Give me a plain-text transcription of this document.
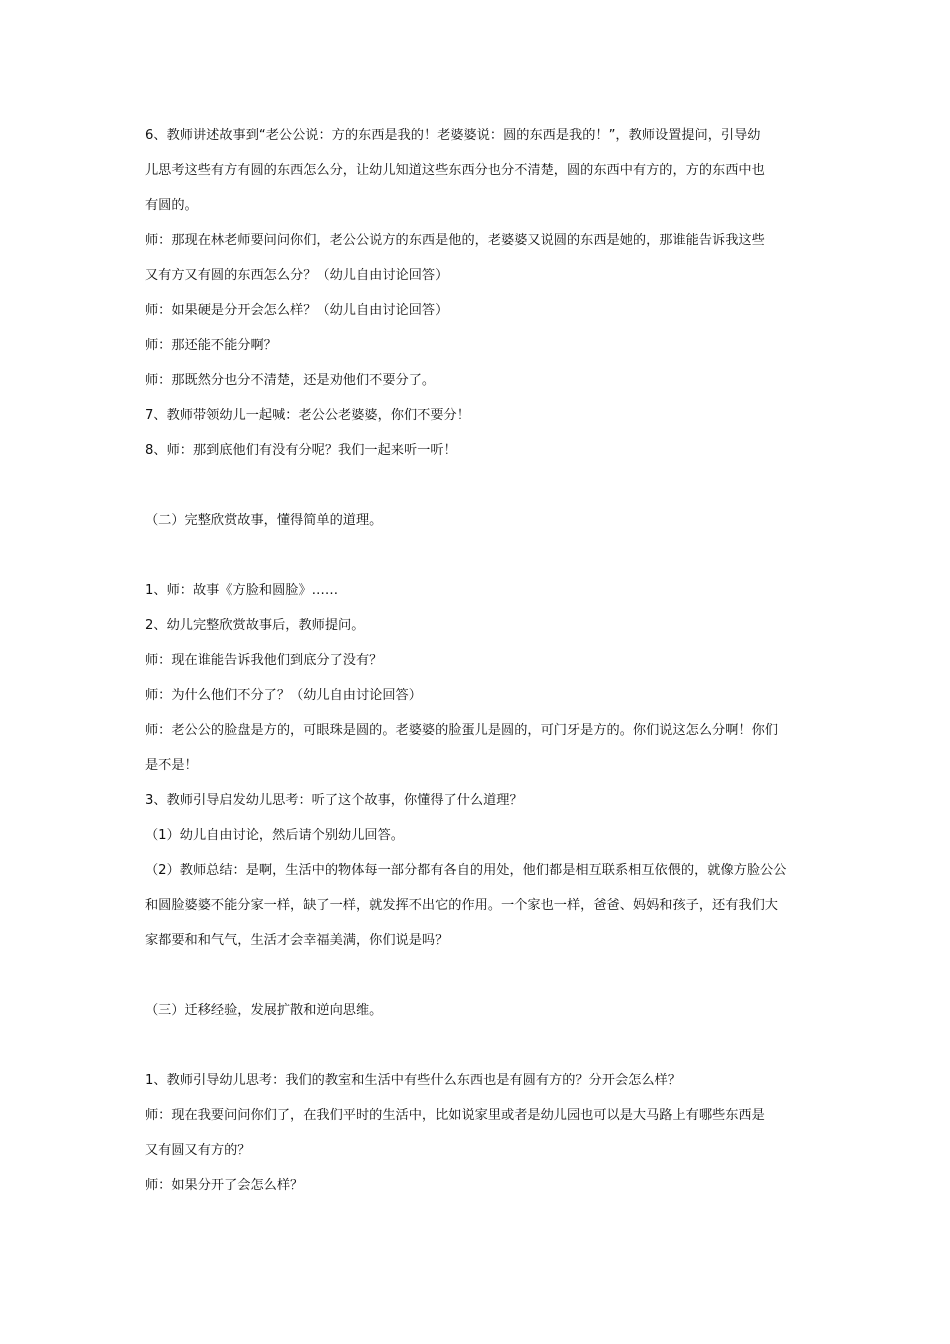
6、教师讲述故事到“老公公说：方的东西是我的！老婆婆说：圆的东西是我的！”，教师设置提问，引导幼
儿思考这些有方有圆的东西怎么分，让幼儿知道这些东西分也分不清楚，圆的东西中有方的，方的东西中也
有圆的。
师：那现在林老师要问问你们，老公公说方的东西是他的，老婆婆又说圆的东西是她的，那谁能告诉我这些
又有方又有圆的东西怎么分？（幼儿自由讨论回答）
师：如果硬是分开会怎么样？（幼儿自由讨论回答）
师：那还能不能分啊？
师：那既然分也分不清楚，还是劝他们不要分了。
7、教师带领幼儿一起喊：老公公老婆婆，你们不要分！
8、师：那到底他们有没有分呢？我们一起来听一听！
（二）完整欣赏故事，懂得简单的道理。
1、师：故事《方脸和圆脸》……
2、幼儿完整欣赏故事后，教师提问。
师：现在谁能告诉我他们到底分了没有？
师：为什么他们不分了？（幼儿自由讨论回答）
师：老公公的脸盘是方的，可眼珠是圆的。老婆婆的脸蛋儿是圆的，可门牙是方的。你们说这怎么分啊！你们
是不是！
3、教师引导启发幼儿思考：听了这个故事，你懂得了什么道理？
（1）幼儿自由讨论，然后请个别幼儿回答。
（2）教师总结：是啊，生活中的物体每一部分都有各自的用处，他们都是相互联系相互依偎的，就像方脸公公
和圆脸婆婆不能分家一样，缺了一样，就发挥不出它的作用。一个家也一样，爸爸、妈妈和孩子，还有我们大
家都要和和气气，生活才会幸福美满，你们说是吗？
（三）迁移经验，发展扩散和逆向思维。
1、教师引导幼儿思考：我们的教室和生活中有些什么东西也是有圆有方的？分开会怎么样？
师：现在我要问问你们了，在我们平时的生活中，比如说家里或者是幼儿园也可以是大马路上有哪些东西是
又有圆又有方的？
师：如果分开了会怎么样？
